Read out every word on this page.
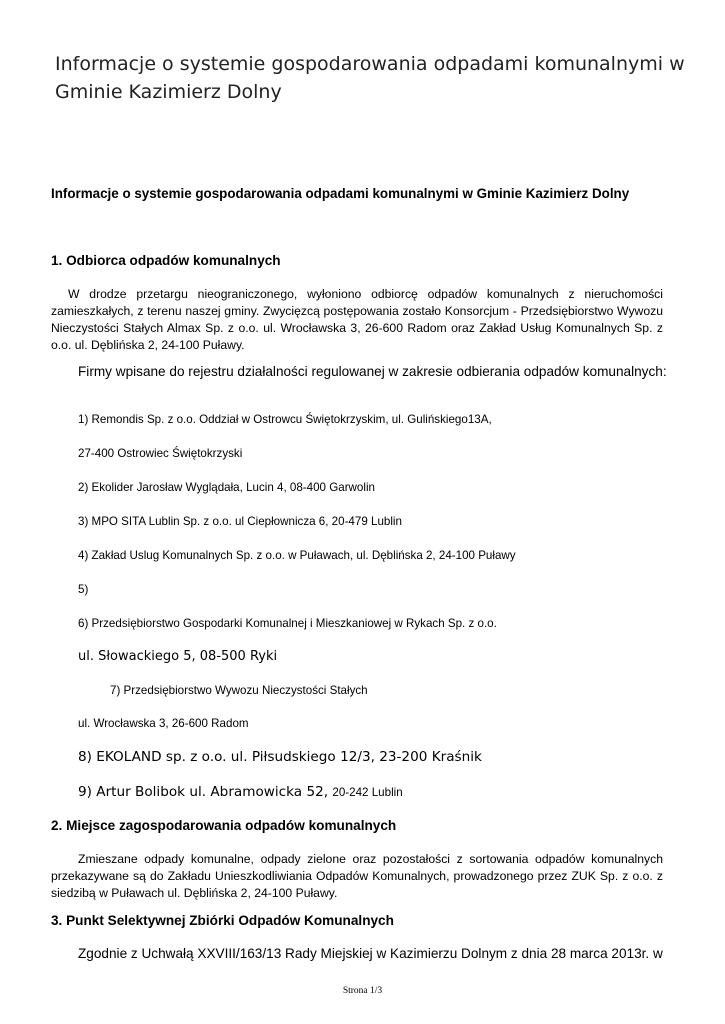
Informacje o systemie gospodarowania odpadami komunalnymi w Gminie Kazimierz Dolny
Informacje o systemie gospodarowania odpadami komunalnymi w Gminie Kazimierz Dolny
1. Odbiorca odpadów komunalnych
W drodze przetargu nieograniczonego, wyłoniono odbiorcę odpadów komunalnych z nieruchomości zamieszkałych, z terenu naszej gminy. Zwycięzcą postępowania zostało Konsorcjum - Przedsiębiorstwo Wywozu Nieczystości Stałych Almax Sp. z o.o. ul. Wrocławska 3, 26-600 Radom oraz Zakład Usług Komunalnych Sp. z o.o. ul. Dęblińska 2, 24-100 Puławy.
Firmy wpisane do rejestru działalności regulowanej w zakresie odbierania odpadów komunalnych:
1) Remondis Sp. z o.o. Oddział w Ostrowcu Świętokrzyskim, ul. Gulińskiego13A,
27-400 Ostrowiec Świętokrzyski
2) Ekolider Jarosław Wyglądała, Lucin 4, 08-400 Garwolin
3) MPO SITA Lublin Sp. z o.o. ul Ciepłownicza 6, 20-479 Lublin
4) Zakład Uslug Komunalnych Sp. z o.o. w Puławach, ul. Dęblińska 2, 24-100 Puławy
5)
6) Przedsiębiorstwo Gospodarki Komunalnej i Mieszkaniowej w Rykach Sp. z o.o.
ul. Słowackiego 5, 08-500 Ryki
7) Przedsiębiorstwo Wywozu Nieczystości Stałych
ul. Wrocławska 3, 26-600 Radom
8) EKOLAND sp. z o.o. ul. Piłsudskiego 12/3, 23-200 Kraśnik
9) Artur Bolibok ul. Abramowicka 52, 20-242 Lublin
2. Miejsce zagospodarowania odpadów komunalnych
Zmieszane odpady komunalne, odpady zielone oraz pozostałości z sortowania odpadów komunalnych przekazywane są do Zakładu Unieszkodliwiania Odpadów Komunalnych, prowadzonego przez ZUK Sp. z o.o. z siedzibą w Puławach ul. Dęblińska 2, 24-100 Puławy.
3. Punkt Selektywnej Zbiórki Odpadów Komunalnych
Zgodnie z Uchwałą XXVIII/163/13 Rady Miejskiej w Kazimierzu Dolnym z dnia 28 marca 2013r. w
Strona 1/3
